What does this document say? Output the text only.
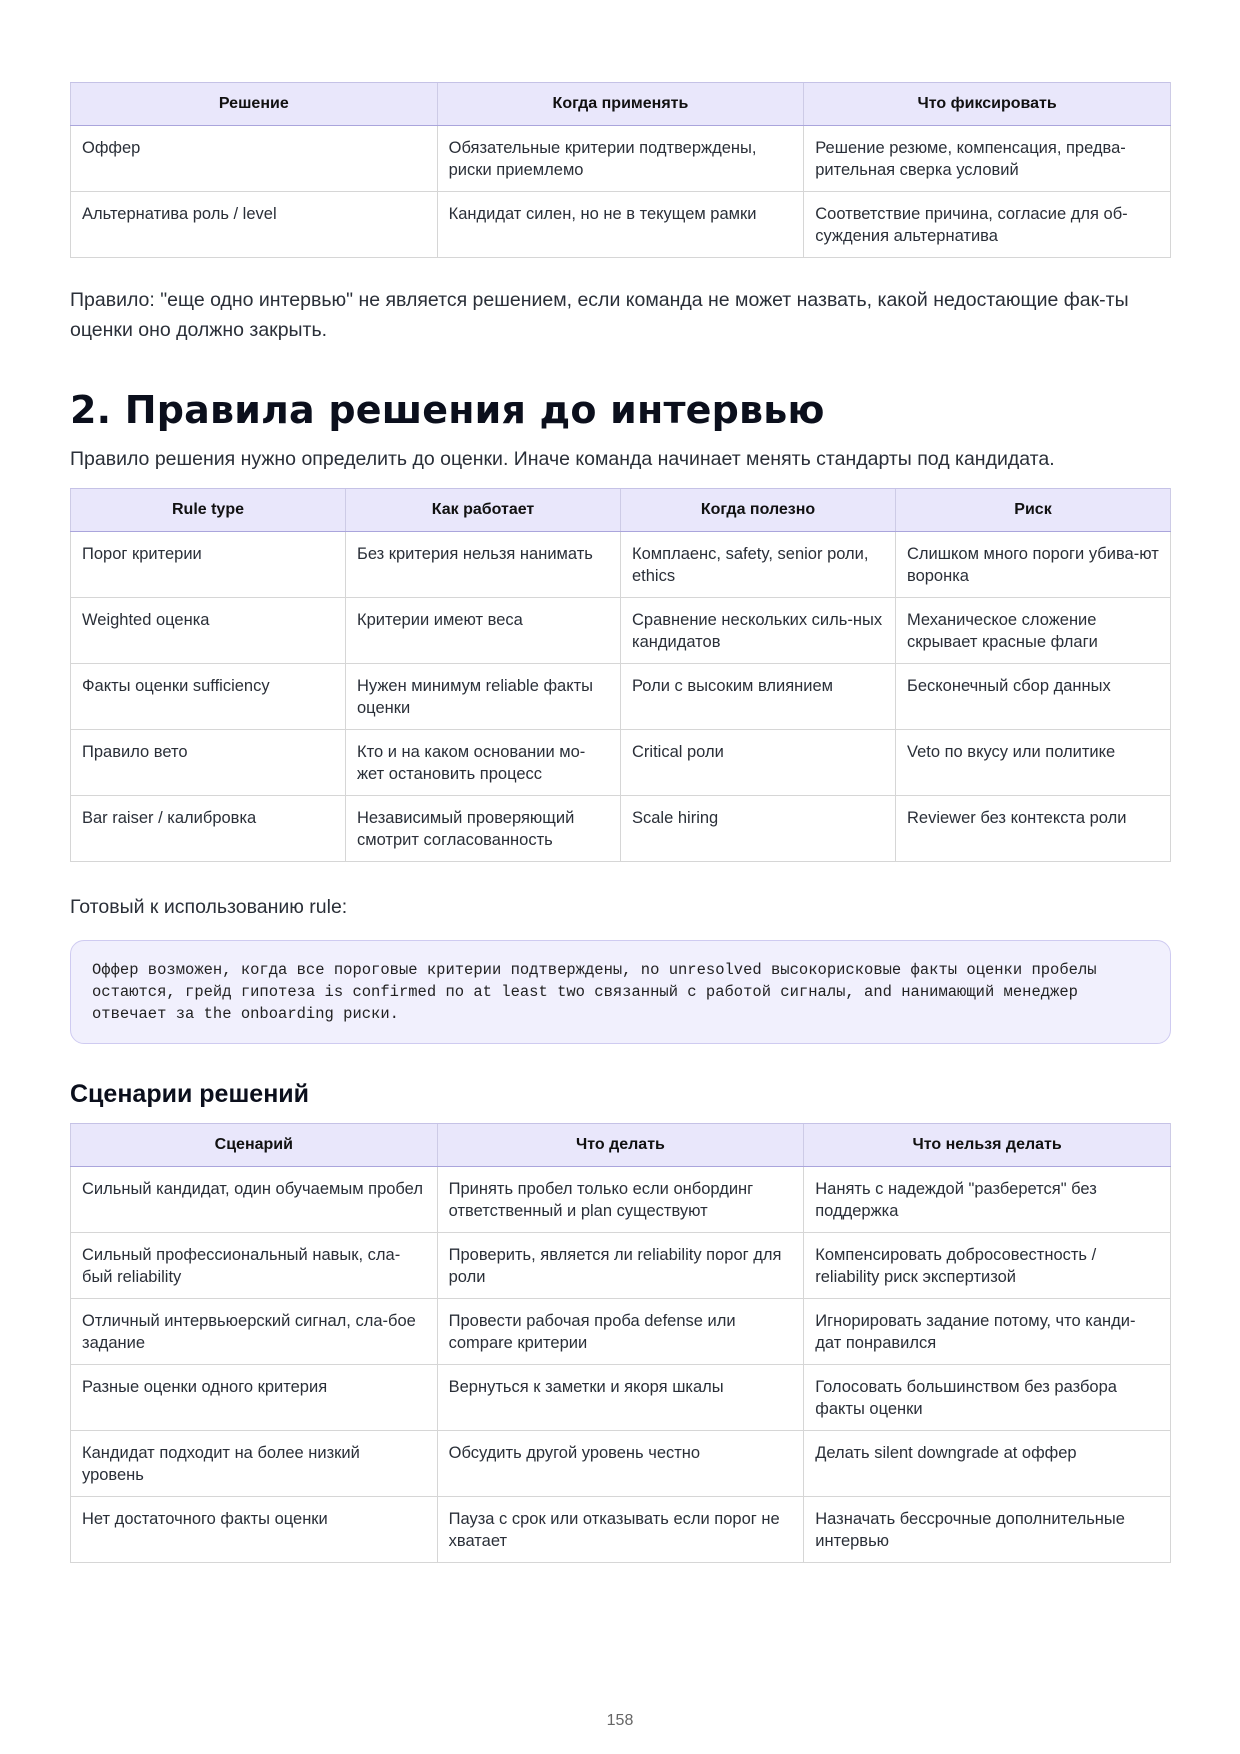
Решение	Когда применять	Что фиксировать
Оффер	Обязательные критерии подтверждены, риски приемлемо	Решение резюме, компенсация, предва-рительная сверка условий
Альтернатива роль / level	Кандидат силен, но не в текущем рамки	Соответствие причина, согласие для об-суждения альтернатива

Правило: "еще одно интервью" не является решением, если команда не может назвать, какой недостающие фак-ты оценки оно должно закрыть.

2. Правила решения до интервью

Правило решения нужно определить до оценки. Иначе команда начинает менять стандарты под кандидата.

Rule type	Как работает	Когда полезно	Риск
Порог критерии	Без критерия нельзя нанимать	Комплаенс, safety, senior роли, ethics	Слишком много пороги убива-ют воронка
Weighted оценка	Критерии имеют веса	Сравнение нескольких силь-ных кандидатов	Механическое сложение скрывает красные флаги
Факты оценки sufficiency	Нужен минимум reliable факты оценки	Роли с высоким влиянием	Бесконечный сбор данных
Правило вето	Кто и на каком основании мо-жет остановить процесс	Critical роли	Veto по вкусу или политике
Bar raiser / калибровка	Независимый проверяющий смотрит согласованность	Scale hiring	Reviewer без контекста роли

Готовый к использованию rule:

Оффер возможен, когда все пороговые критерии подтверждены, no unresolved высокорисковые факты оценки пробелы остаются, грейд гипотеза is confirmed по at least two связанный с работой сигналы, and нанимающий менеджер отвечает за the onboarding риски.
Сценарии решений
Сценарий	Что делать	Что нельзя делать
Сильный кандидат, один обучаемым пробел	Принять пробел только если онбординг ответственный и plan существуют	Нанять с надеждой "разберется" без поддержка
Сильный профессиональный навык, сла-бый reliability	Проверить, является ли reliability порог для роли	Компенсировать добросовестность / reliability риск экспертизой
Отличный интервьюерский сигнал, сла-бое задание	Провести рабочая проба defense или compare критерии	Игнорировать задание потому, что канди-дат понравился
Разные оценки одного критерия	Вернуться к заметки и якоря шкалы	Голосовать большинством без разбора факты оценки
Кандидат подходит на более низкий уровень	Обсудить другой уровень честно	Делать silent downgrade at оффер
Нет достаточного факты оценки	Пауза с срок или отказывать если порог не хватает	Назначать бессрочные дополнительные интервью
158
